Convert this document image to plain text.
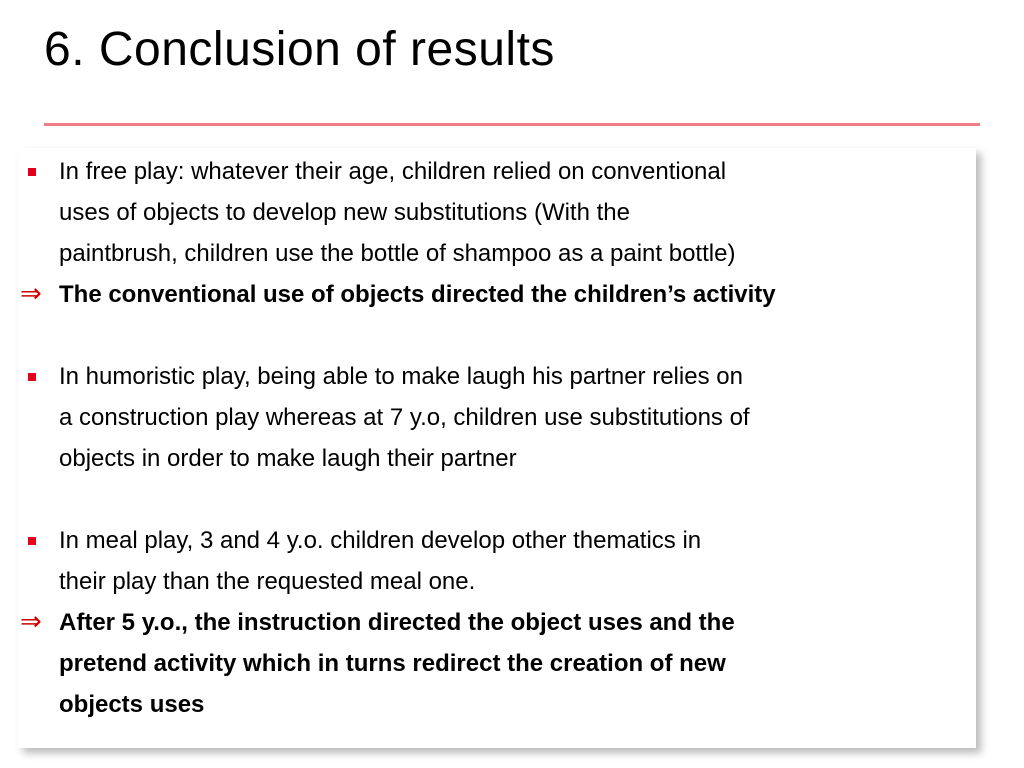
6. Conclusion of results
In free play: whatever their age, children relied on conventional
uses of objects to develop new substitutions (With the
paintbrush, children use the bottle of shampoo as a paint bottle)
⇒ The conventional use of objects directed the children’s activity
In humoristic play, being able to make laugh his partner relies on
a construction play whereas at 7 y.o, children use substitutions of
objects in order to make laugh their partner
In meal play, 3 and 4 y.o. children develop other thematics in
their play than the requested meal one.
⇒ After 5 y.o., the instruction directed the object uses and the
pretend activity which in turns redirect the creation of new
objects uses
